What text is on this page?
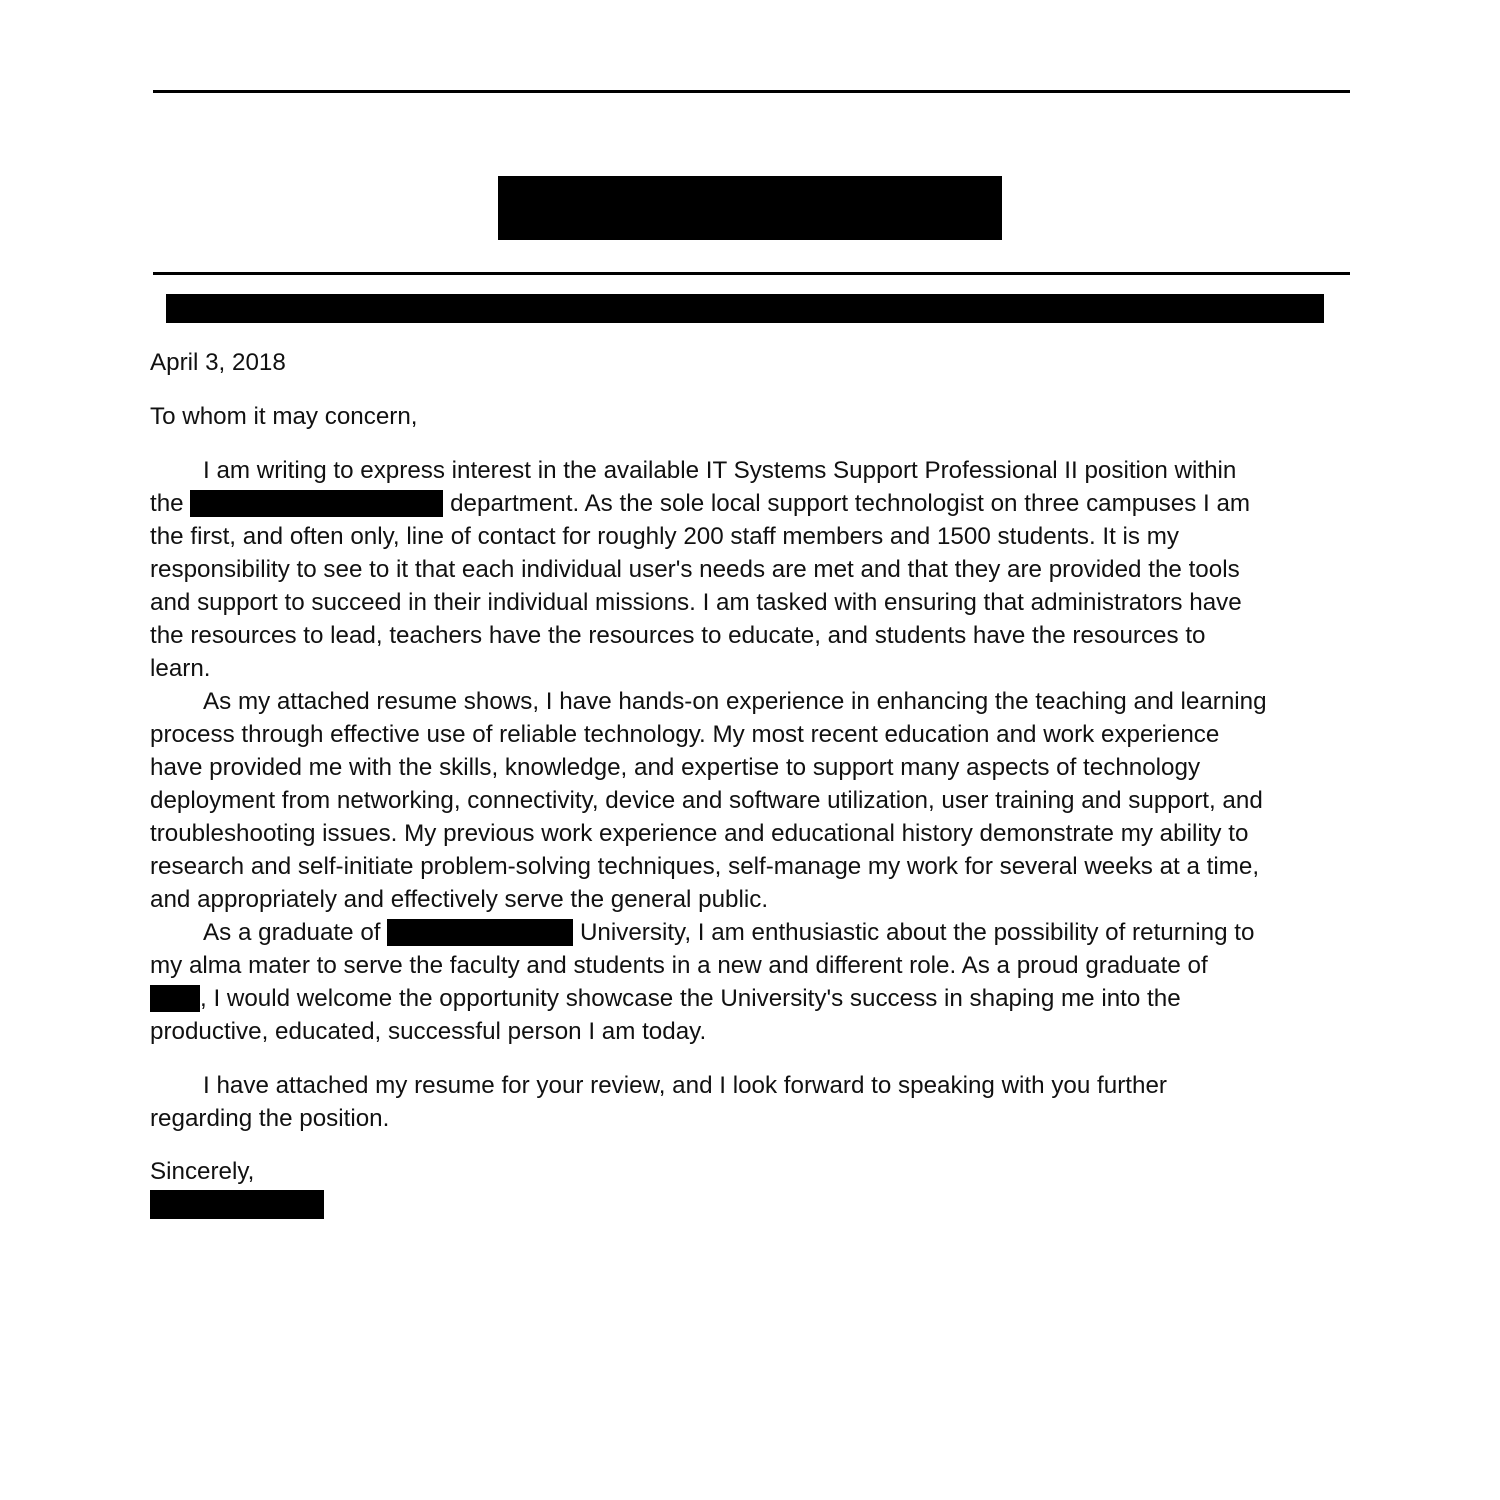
April 3, 2018
To whom it may concern,
I am writing to express interest in the available IT Systems Support Professional II position within
the	department. As the sole local support technologist on three campuses I am
the first, and often only, line of contact for roughly 200 staff members and 1500 students. It is my
responsibility to see to it that each individual user's needs are met and that they are provided the tools
and support to succeed in their individual missions. I am tasked with ensuring that administrators have
the resources to lead, teachers have the resources to educate, and students have the resources to
learn.
As my attached resume shows, I have hands-on experience in enhancing the teaching and learning
process through effective use of reliable technology. My most recent education and work experience
have provided me with the skills, knowledge, and expertise to support many aspects of technology
deployment from networking, connectivity, device and software utilization, user training and support, and
troubleshooting issues. My previous work experience and educational history demonstrate my ability to
research and self-initiate problem-solving techniques, self-manage my work for several weeks at a time,
and appropriately and effectively serve the general public.
As a graduate of	University, I am enthusiastic about the possibility of returning to
my alma mater to serve the faculty and students in a new and different role. As a proud graduate of
, I would welcome the opportunity showcase the University's success in shaping me into the
productive, educated, successful person I am today.
I have attached my resume for your review, and I look forward to speaking with you further
regarding the position.
Sincerely,
